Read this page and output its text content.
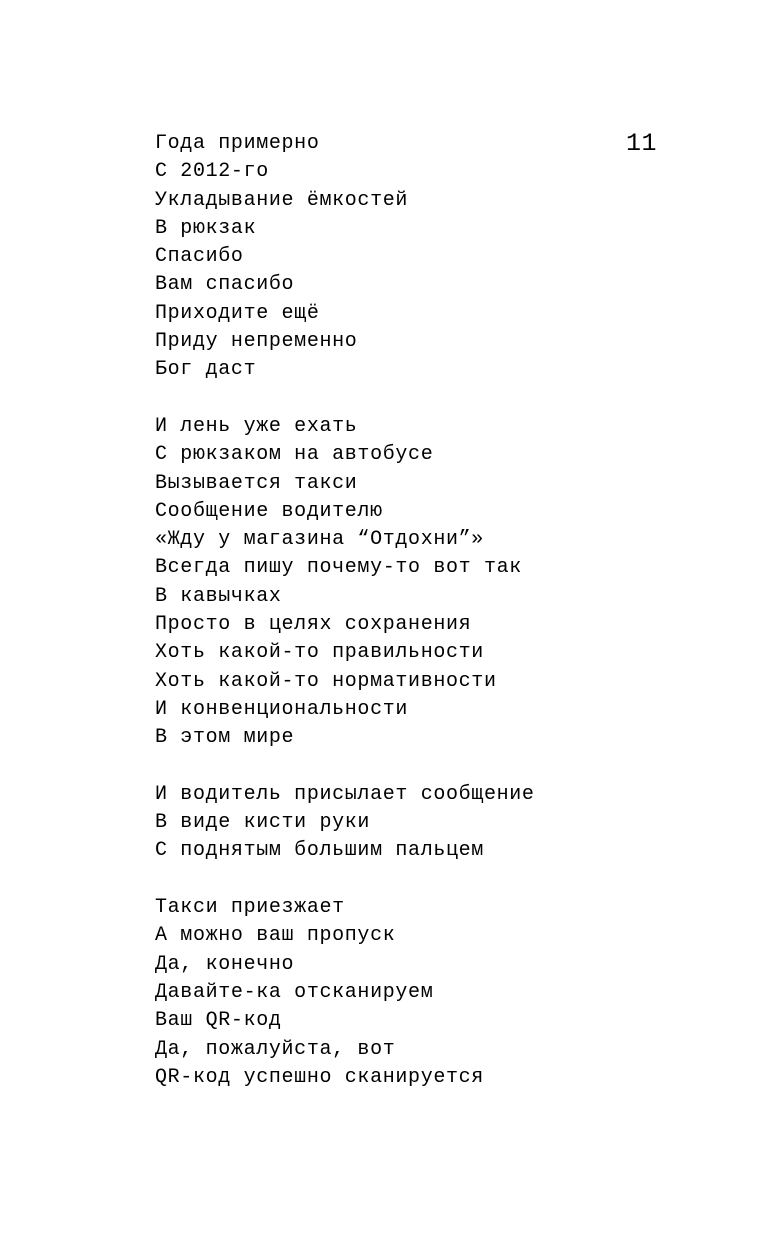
11
Года примерно
С 2012-го
Укладывание ёмкостей
В рюкзак
Спасибо
Вам спасибо
Приходите ещё
Приду непременно
Бог даст
И лень уже ехать
С рюкзаком на автобусе
Вызывается такси
Сообщение водителю
«Жду у магазина “Отдохни”»
Всегда пишу почему-то вот так
В кавычках
Просто в целях сохранения
Хоть какой-то правильности
Хоть какой-то нормативности
И конвенциональности
В этом мире
И водитель присылает сообщение
В виде кисти руки
С поднятым большим пальцем
Такси приезжает
А можно ваш пропуск
Да, конечно
Давайте-ка отсканируем
Ваш QR-код
Да, пожалуйста, вот
QR-код успешно сканируется
